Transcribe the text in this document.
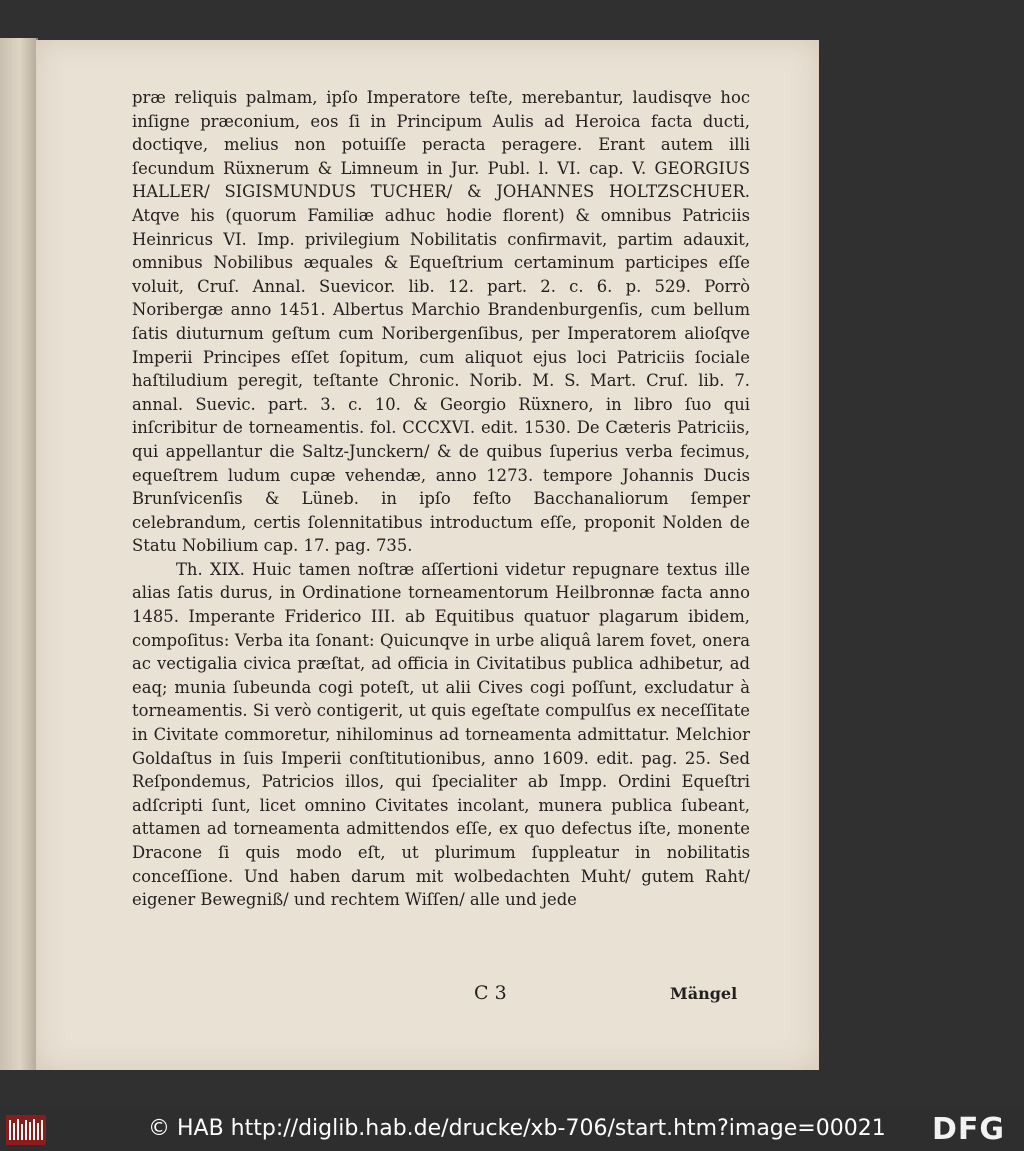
præ reliquis palmam, ipſo Imperatore teſte, merebantur, laudisqve hoc inſigne præconium, eos ſi in Principum Aulis ad Heroica facta ducti, doctiqve, melius non potuiſſe peracta peragere. Erant autem illi ſecundum Rüxnerum & Limneum in Jur. Publ. l. VI. cap. V. GEORGIUS HALLER/ SIGISMUNDUS TUCHER/ & JOHANNES HOLTZSCHUER. Atqve his (quorum Familiæ adhuc hodie florent) & omnibus Patriciis Heinricus VI. Imp. privilegium Nobilitatis confirmavit, partim adauxit, omnibus Nobilibus æquales & Equeſtrium certaminum participes eſſe voluit, Cruſ. Annal. Suevicor. lib. 12. part. 2. c. 6. p. 529. Porrò Noribergæ anno 1451. Albertus Marchio Brandenburgenſis, cum bellum ſatis diuturnum geſtum cum Noribergenſibus, per Imperatorem alioſqve Imperii Principes eſſet ſopitum, cum aliquot ejus loci Patriciis ſociale haſtiludium peregit, teſtante Chronic. Norib. M. S. Mart. Cruſ. lib. 7. annal. Suevic. part. 3. c. 10. & Georgio Rüxnero, in libro ſuo qui inſcribitur de torneamentis. fol. CCCXVI. edit. 1530. De Cæteris Patriciis, qui appellantur die Saltz-Junckern/ & de quibus ſuperius verba fecimus, equeſtrem ludum cupæ vehendæ, anno 1273. tempore Johannis Ducis Brunſvicenſis & Lüneb. in ipſo feſto Bacchanaliorum ſemper celebrandum, certis ſolennitatibus introductum eſſe, proponit Nolden de Statu Nobilium cap. 17. pag. 735.

Th. XIX. Huic tamen noſtræ aſſertioni videtur repugnare textus ille alias ſatis durus, in Ordinatione torneamentorum Heilbronnæ facta anno 1485. Imperante Friderico III. ab Equitibus quatuor plagarum ibidem, compoſitus: Verba ita ſonant: Quicunqve in urbe aliquâ larem fovet, onera ac vectigalia civica præſtat, ad officia in Civitatibus publica adhibetur, ad eaq; munia ſubeunda cogi poteſt, ut alii Cives cogi poſſunt, excludatur à torneamentis. Si verò contigerit, ut quis egeſtate compulſus ex neceſſitate in Civitate commoretur, nihilominus ad torneamenta admittatur. Melchior Goldaſtus in ſuis Imperii conſtitutionibus, anno 1609. edit. pag. 25. Sed Reſpondemus, Patricios illos, qui ſpecialiter ab Impp. Ordini Equeſtri adſcripti ſunt, licet omnino Civitates incolant, munera publica ſubeant, attamen ad torneamenta admittendos eſſe, ex quo defectus iſte, monente Dracone ſi quis modo eſt, ut plurimum ſuppleatur in nobilitatis conceſſione. Und haben darum mit wolbedachten Muht/ gutem Raht/ eigener Bewegniß/ und rechtem Wiſſen/ alle und jede

C 3	Mängel
© HAB http://diglib.hab.de/drucke/xb-706/start.htm?image=00021 DFG
